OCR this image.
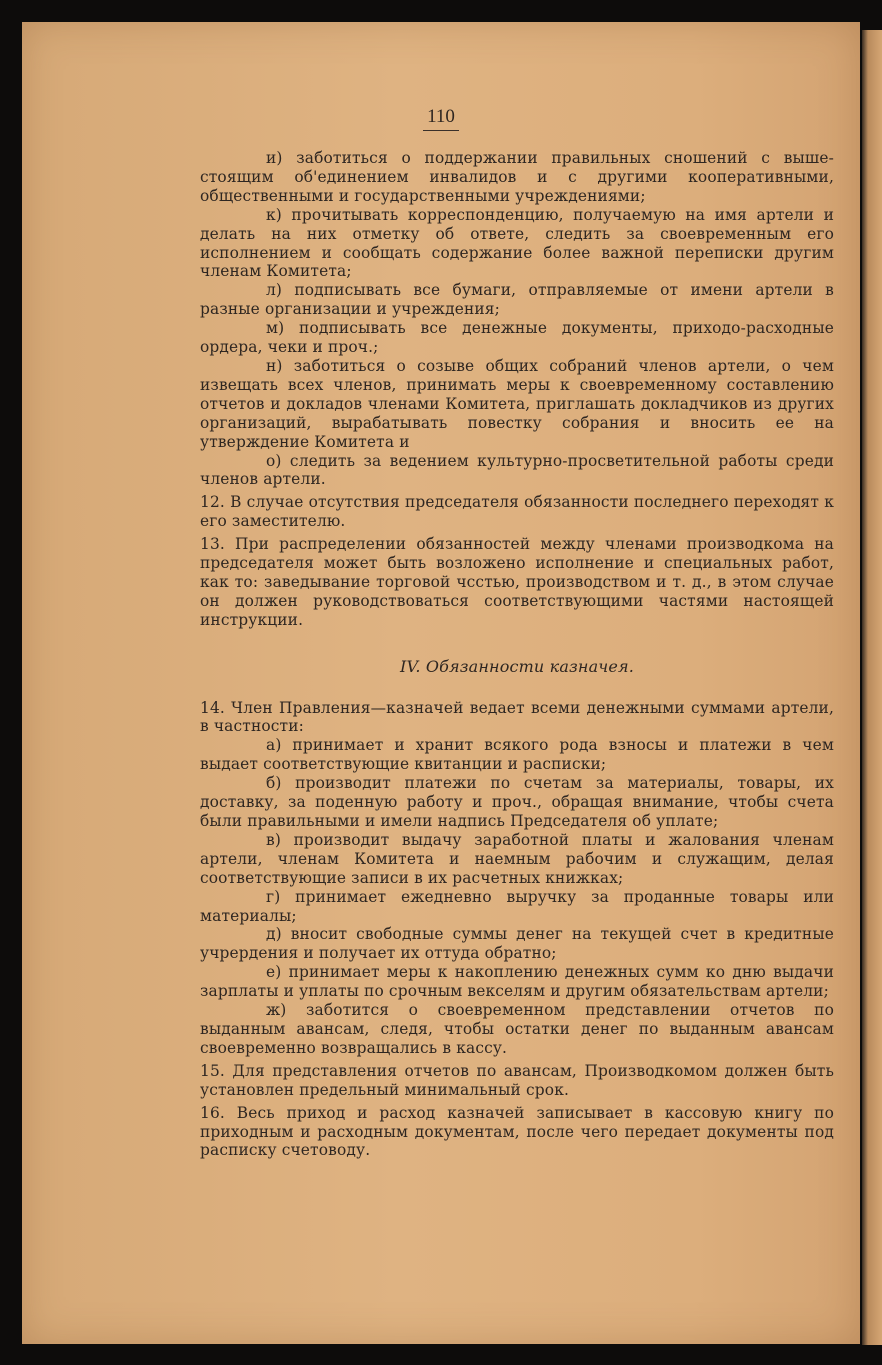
110

и) заботиться о поддержании правильных сношений с выше-стоящим об'единением инвалидов и с другими кооперативными, общественными и государственными учреждениями;

к) прочитывать корреспонденцию, получаемую на имя артели и делать на них отметку об ответе, следить за своевременным его исполнением и сообщать содержание более важной переписки другим членам Комитета;

л) подписывать все бумаги, отправляемые от имени артели в разные организации и учреждения;

м) подписывать все денежные документы, приходо-расходные ордера, чеки и проч.;

н) заботиться о созыве общих собраний членов артели, о чем извещать всех членов, принимать меры к своевременному составлению отчетов и докладов членами Комитета, приглашать докладчиков из других организаций, вырабатывать повестку собрания и вносить ее на утверждение Комитета и

о) следить за ведением культурно-просветительной работы среди членов артели.

12. В случае отсутствия председателя обязанности последнего переходят к его заместителю.

13. При распределении обязанностей между членами производкома на председателя может быть возложено исполнение и специальных работ, как то: заведывание торговой чсстью, производством и т. д., в этом случае он должен руководствоваться соответствующими частями настоящей инструкции.

IV. Обязанности казначея.

14. Член Правления—казначей ведает всеми денежными суммами артели, в частности:

а) принимает и хранит всякого рода взносы и платежи в чем выдает соответствующие квитанции и расписки;

б) производит платежи по счетам за материалы, товары, их доставку, за поденную работу и проч., обращая внимание, чтобы счета были правильными и имели надпись Председателя об уплате;

в) производит выдачу заработной платы и жалования членам артели, членам Комитета и наемным рабочим и служащим, делая соответствующие записи в их расчетных книжках;

г) принимает ежедневно выручку за проданные товары или материалы;

д) вносит свободные суммы денег на текущей счет в кредитные учрердения и получает их оттуда обратно;

е) принимает меры к накоплению денежных сумм ко дню выдачи зарплаты и уплаты по срочным векселям и другим обязательствам артели;

ж) заботится о своевременном представлении отчетов по выданным авансам, следя, чтобы остатки денег по выданным авансам своевременно возвращались в кассу.

15. Для представления отчетов по авансам, Производкомом должен быть установлен предельный минимальный срок.

16. Весь приход и расход казначей записывает в кассовую книгу по приходным и расходным документам, после чего передает документы под расписку счетоводу.
